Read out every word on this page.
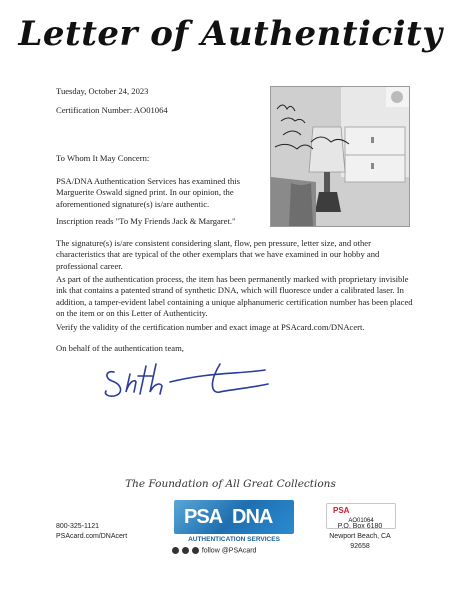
Letter of Authenticity
Tuesday, October 24, 2023
Certification Number: AO01064
To Whom It May Concern:
PSA/DNA Authentication Services has examined this Marguerite Oswald signed print. In our opinion, the aforementioned signature(s) is/are authentic.
Inscription reads "To My Friends Jack & Margaret."
The signature(s) is/are consistent considering slant, flow, pen pressure, letter size, and other characteristics that are typical of the other exemplars that we have examined in our hobby and professional career.
As part of the authentication process, the item has been permanently marked with proprietary invisible ink that contains a patented strand of synthetic DNA, which will fluoresce under a calibrated laser. In addition, a tamper-evident label containing a unique alphanumeric certification number has been placed on the item or on this Letter of Authenticity.
Verify the validity of the certification number and exact image at PSAcard.com/DNAcert.
On behalf of the authentication team,
The Foundation of All Great Collections
800-325-1121
PSAcard.com/DNAcert
PSA DNA
AUTHENTICATION SERVICES
follow @PSAcard
PSA
AO01064
P.O. Box 6180
Newport Beach, CA 92658
